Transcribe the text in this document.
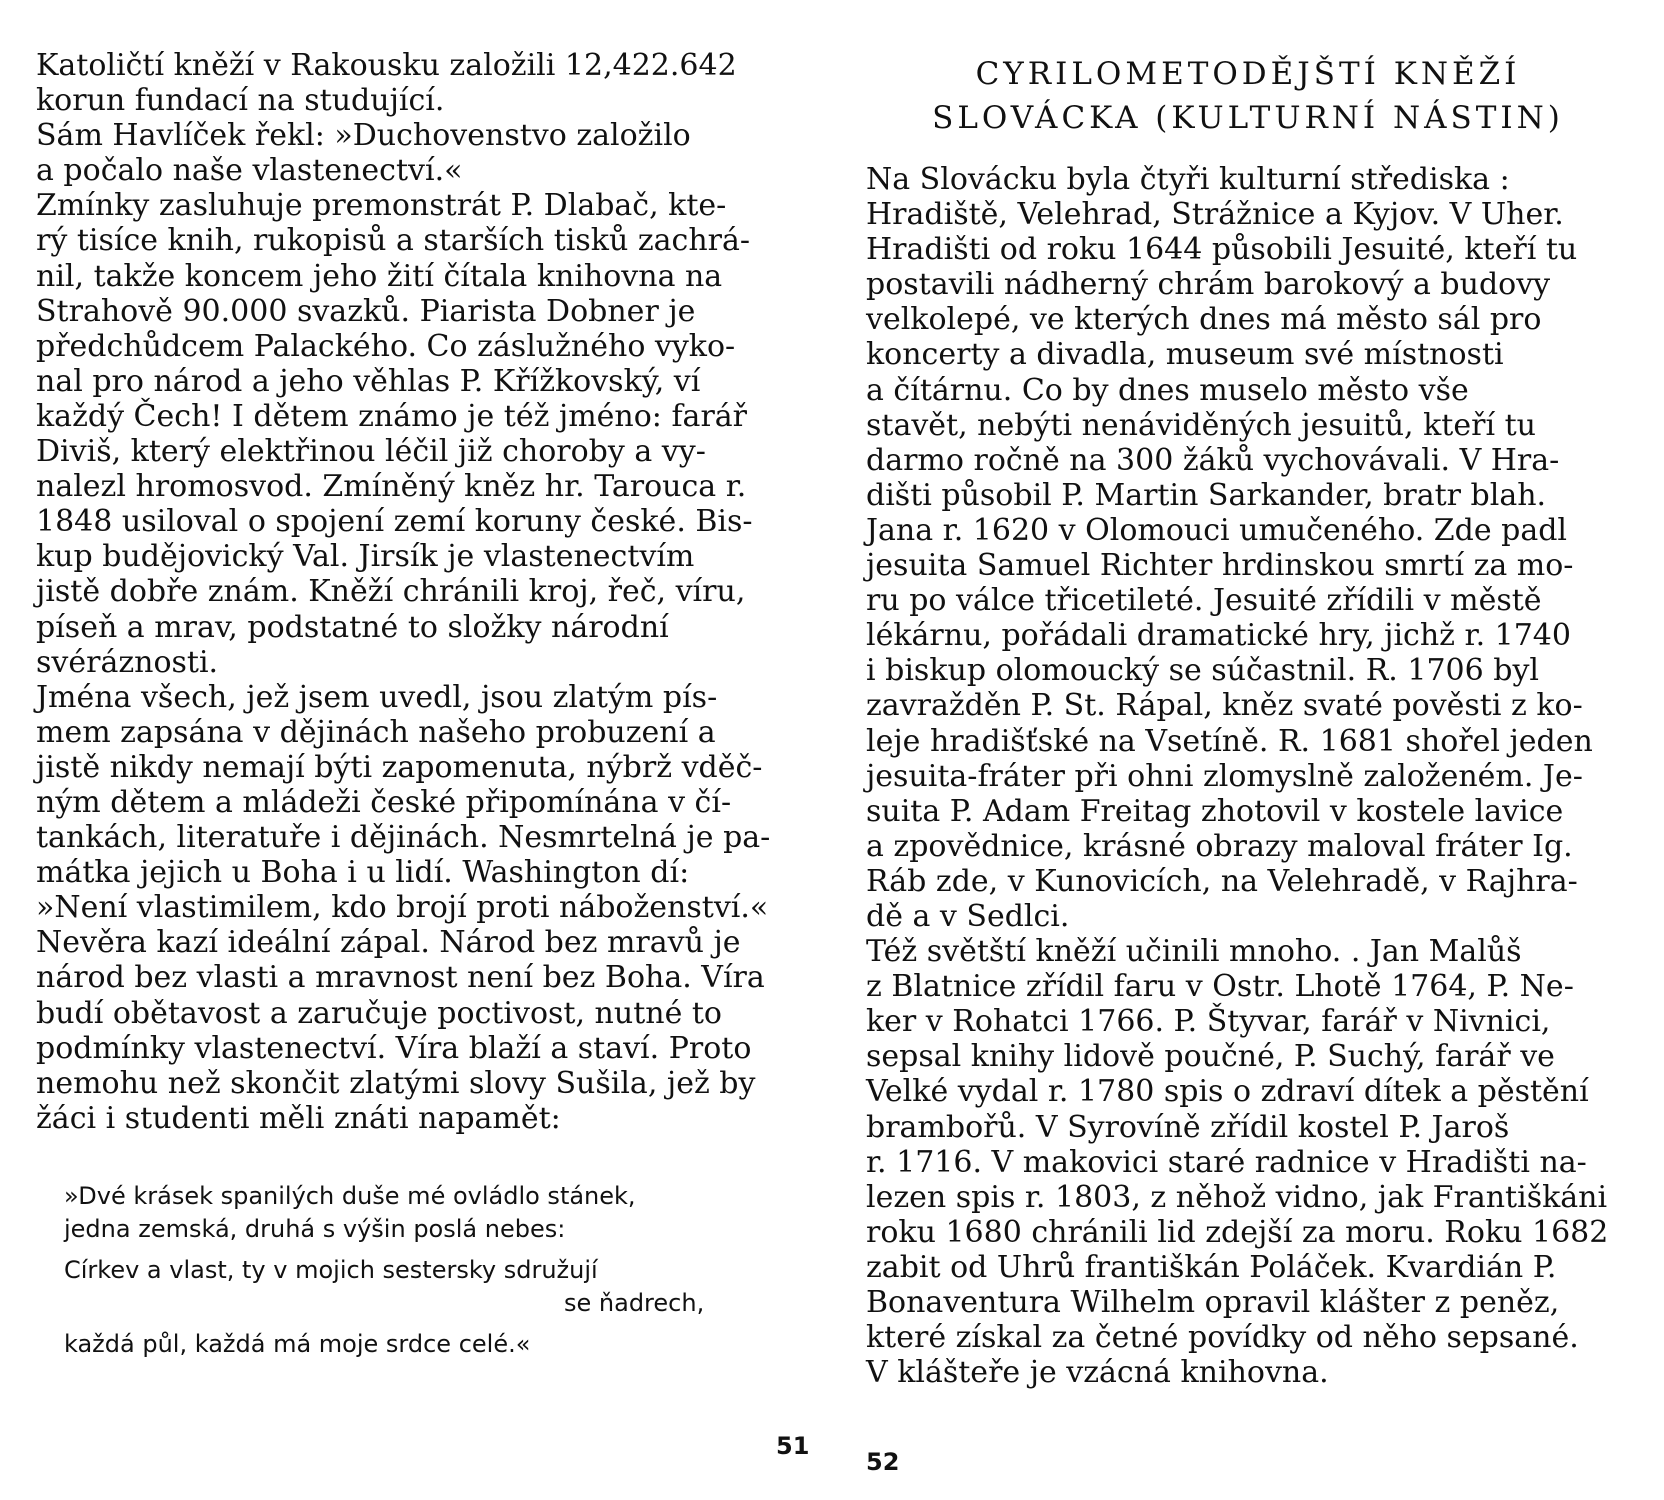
Katoličtí kněží v Rakousku založili 12,422.642
korun fundací na studující.
Sám Havlíček řekl: »Duchovenstvo založilo
a počalo naše vlastenectví.«
Zmínky zasluhuje premonstrát P. Dlabač, kte-
rý tisíce knih, rukopisů a starších tisků zachrá-
nil, takže koncem jeho žití čítala knihovna na
Strahově 90.000 svazků. Piarista Dobner je
předchůdcem Palackého. Co záslužného vyko-
nal pro národ a jeho věhlas P. Křížkovský, ví
každý Čech! I dětem známo je též jméno: farář
Diviš, který elektřinou léčil již choroby a vy-
nalezl hromosvod. Zmíněný kněz hr. Tarouca r.
1848 usiloval o spojení zemí koruny české. Bis-
kup budějovický Val. Jirsík je vlastenectvím
jistě dobře znám. Kněží chránili kroj, řeč, víru,
píseň a mrav, podstatné to složky národní
svéráznosti.
Jména všech, jež jsem uvedl, jsou zlatým pís-
mem zapsána v dějinách našeho probuzení a
jistě nikdy nemají býti zapomenuta, nýbrž vděč-
ným dětem a mládeži české připomínána v čí-
tankách, literatuře i dějinách. Nesmrtelná je pa-
mátka jejich u Boha i u lidí. Washington dí:
»Není vlastimilem, kdo brojí proti náboženství.«
Nevěra kazí ideální zápal. Národ bez mravů je
národ bez vlasti a mravnost není bez Boha. Víra
budí obětavost a zaručuje poctivost, nutné to
podmínky vlastenectví. Víra blaží a staví. Proto
nemohu než skončit zlatými slovy Sušila, jež by
žáci i studenti měli znáti napamět:
»Dvé krásek spanilých duše mé ovládlo stánek,
jedna zemská, druhá s výšin poslá nebes:
Církev a vlast, ty v mojich sestersky sdružují
se ňadrech,
každá půl, každá má moje srdce celé.«
51
CYRILOMETODĚJŠTÍ KNĚŽÍ
SLOVÁCKA (KULTURNÍ NÁSTIN)
Na Slovácku byla čtyři kulturní střediska :
Hradiště, Velehrad, Strážnice a Kyjov. V Uher.
Hradišti od roku 1644 působili Jesuité, kteří tu
postavili nádherný chrám barokový a budovy
velkolepé, ve kterých dnes má město sál pro
koncerty a divadla, museum své místnosti
a čítárnu. Co by dnes muselo město vše
stavět, nebýti nenáviděných jesuitů, kteří tu
darmo ročně na 300 žáků vychovávali. V Hra-
dišti působil P. Martin Sarkander, bratr blah.
Jana r. 1620 v Olomouci umučeného. Zde padl
jesuita Samuel Richter hrdinskou smrtí za mo-
ru po válce třicetileté. Jesuité zřídili v městě
lékárnu, pořádali dramatické hry, jichž r. 1740
i biskup olomoucký se súčastnil. R. 1706 byl
zavražděn P. St. Rápal, kněz svaté pověsti z ko-
leje hradišťské na Vsetíně. R. 1681 shořel jeden
jesuita-fráter při ohni zlomyslně založeném. Je-
suita P. Adam Freitag zhotovil v kostele lavice
a zpovědnice, krásné obrazy maloval fráter Ig.
Ráb zde, v Kunovicích, na Velehradě, v Rajhra-
dě a v Sedlci.
Též světští kněží učinili mnoho. . Jan Malůš
z Blatnice zřídil faru v Ostr. Lhotě 1764, P. Ne-
ker v Rohatci 1766. P. Štyvar, farář v Nivnici,
sepsal knihy lidově poučné, P. Suchý, farář ve
Velké vydal r. 1780 spis o zdraví dítek a pěstění
brambořů. V Syrovíně zřídil kostel P. Jaroš
r. 1716. V makovici staré radnice v Hradišti na-
lezen spis r. 1803, z něhož vidno, jak Františkáni
roku 1680 chránili lid zdejší za moru. Roku 1682
zabit od Uhrů františkán Poláček. Kvardián P.
Bonaventura Wilhelm opravil klášter z peněz,
které získal za četné povídky od něho sepsané.
V klášteře je vzácná knihovna.
52
